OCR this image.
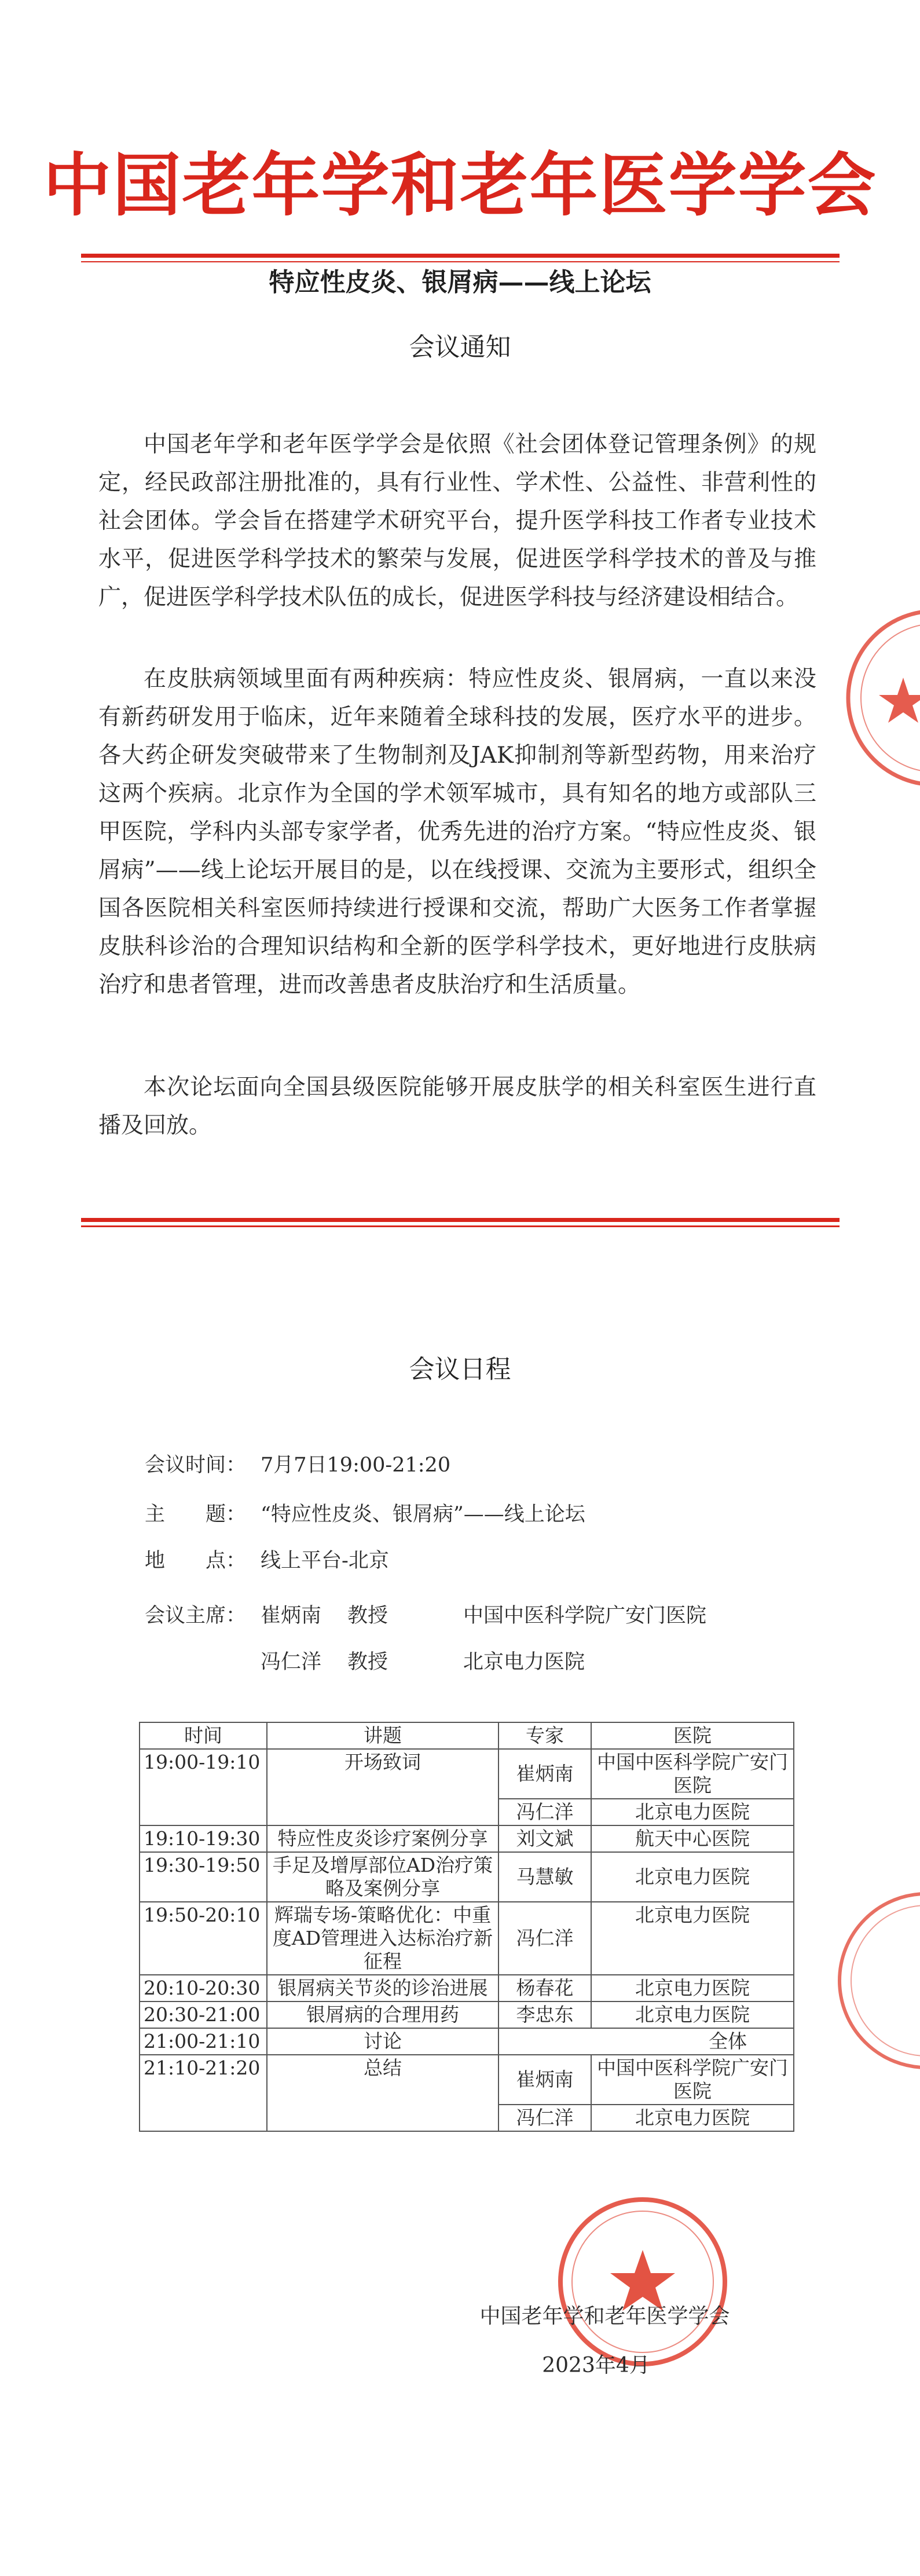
中国老年学和老年医学学会
特应性皮炎、银屑病——线上论坛
会议通知

中国老年学和老年医学学会是依照《社会团体登记管理条例》的规定，经民政部注册批准的，具有行业性、学术性、公益性、非营利性的社会团体。学会旨在搭建学术研究平台，提升医学科技工作者专业技术水平，促进医学科学技术的繁荣与发展，促进医学科学技术的普及与推广，促进医学科学技术队伍的成长，促进医学科技与经济建设相结合。

在皮肤病领域里面有两种疾病：特应性皮炎、银屑病，一直以来没有新药研发用于临床，近年来随着全球科技的发展，医疗水平的进步。各大药企研发突破带来了生物制剂及JAK抑制剂等新型药物，用来治疗这两个疾病。北京作为全国的学术领军城市，具有知名的地方或部队三甲医院，学科内头部专家学者，优秀先进的治疗方案。“特应性皮炎、银屑病”——线上论坛开展目的是，以在线授课、交流为主要形式，组织全国各医院相关科室医师持续进行授课和交流，帮助广大医务工作者掌握皮肤科诊治的合理知识结构和全新的医学科学技术，更好地进行皮肤病治疗和患者管理，进而改善患者皮肤治疗和生活质量。

本次论坛面向全国县级医院能够开展皮肤学的相关科室医生进行直播及回放。

会议日程
会议时间： 7月7日19:00-21:20
主　　题： “特应性皮炎、银屑病”——线上论坛
地　　点： 线上平台-北京
会议主席： 崔炳南 教授	中国中医科学院广安门医院
冯仁洋 教授	北京电力医院
时间	讲题	专家	医院
19:00-19:10	开场致词	崔炳南	中国中医科学院广安门医院
		冯仁洋	北京电力医院
19:10-19:30	特应性皮炎诊疗案例分享	刘文斌	航天中心医院
19:30-19:50	手足及增厚部位AD治疗策 略及案例分享	马慧敏	北京电力医院
19:50-20:10	辉瑞专场-策略优化：中重度AD管理进入达标治疗新征程	冯仁洋	北京电力医院
20:10-20:30	银屑病关节炎的诊治进展	杨春花	北京电力医院
20:30-21:00	银屑病的合理用药	李忠东	北京电力医院
21:00-21:10	讨论	全体	
21:10-21:20	总结	崔炳南	中国中医科学院广安门医院
		冯仁洋	北京电力医院
中国老年学和老年医学学会
2023年4月
